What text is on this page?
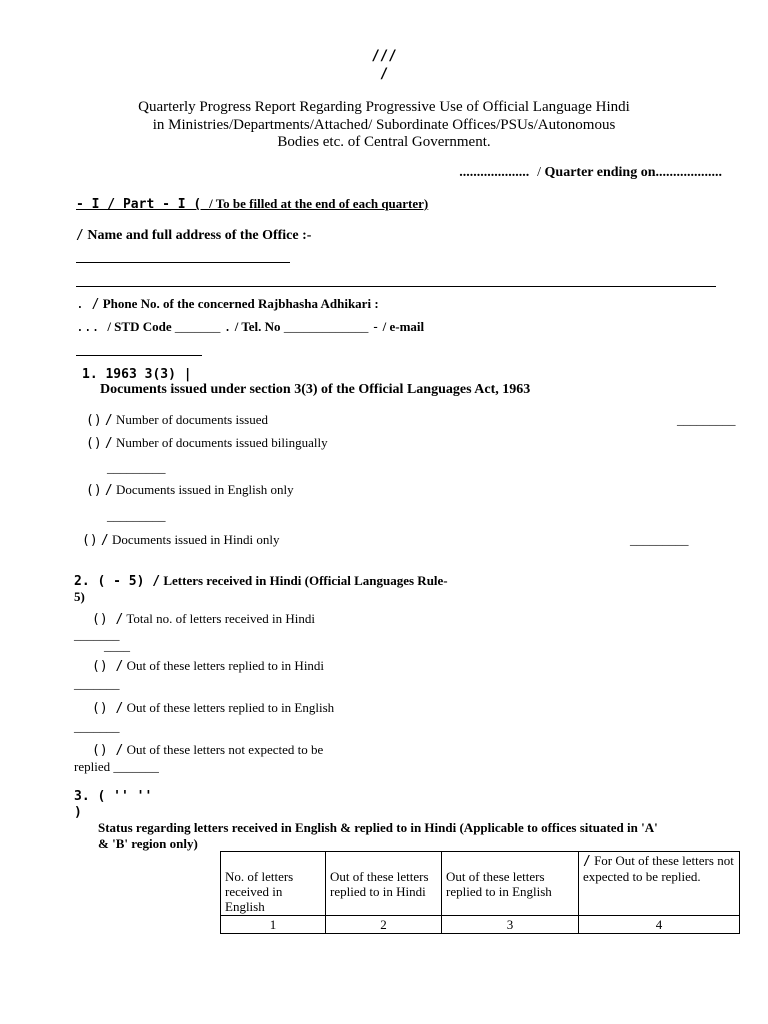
///
/
Quarterly Progress Report Regarding Progressive Use of Official Language Hindi
in Ministries/Departments/Attached/ Subordinate Offices/PSUs/Autonomous
Bodies etc. of Central Government.
.................... / Quarter ending on...................
- I / Part - I ( / To be filled at the end of each quarter)
/ Name and full address of the Office :-
. / Phone No. of the concerned Rajbhasha Adhikari :
... / STD Code _______ . / Tel. No _____________ - / e-mail
1. 1963 3(3) |
Documents issued under section 3(3) of the Official Languages Act, 1963
() / Number of documents issued	_________
() / Number of documents issued bilingually
_________
() / Documents issued in English only
_________
() / Documents issued in Hindi only	_________
2. ( - 5) / Letters received in Hindi (Official Languages Rule-
5)
() / Total no. of letters received in Hindi
_______
____
() / Out of these letters replied to in Hindi
_______
() / Out of these letters replied to in English
_______
() / Out of these letters not expected to be
replied _______
3. ( '' ''
)
Status regarding letters received in English & replied to in Hindi (Applicable to offices situated in 'A'
& 'B' region only)

No. of letters received in English	Out of these letters replied to in Hindi	Out of these letters replied to in English	/ For Out of these letters not expected to be replied.
1	2	3	4
